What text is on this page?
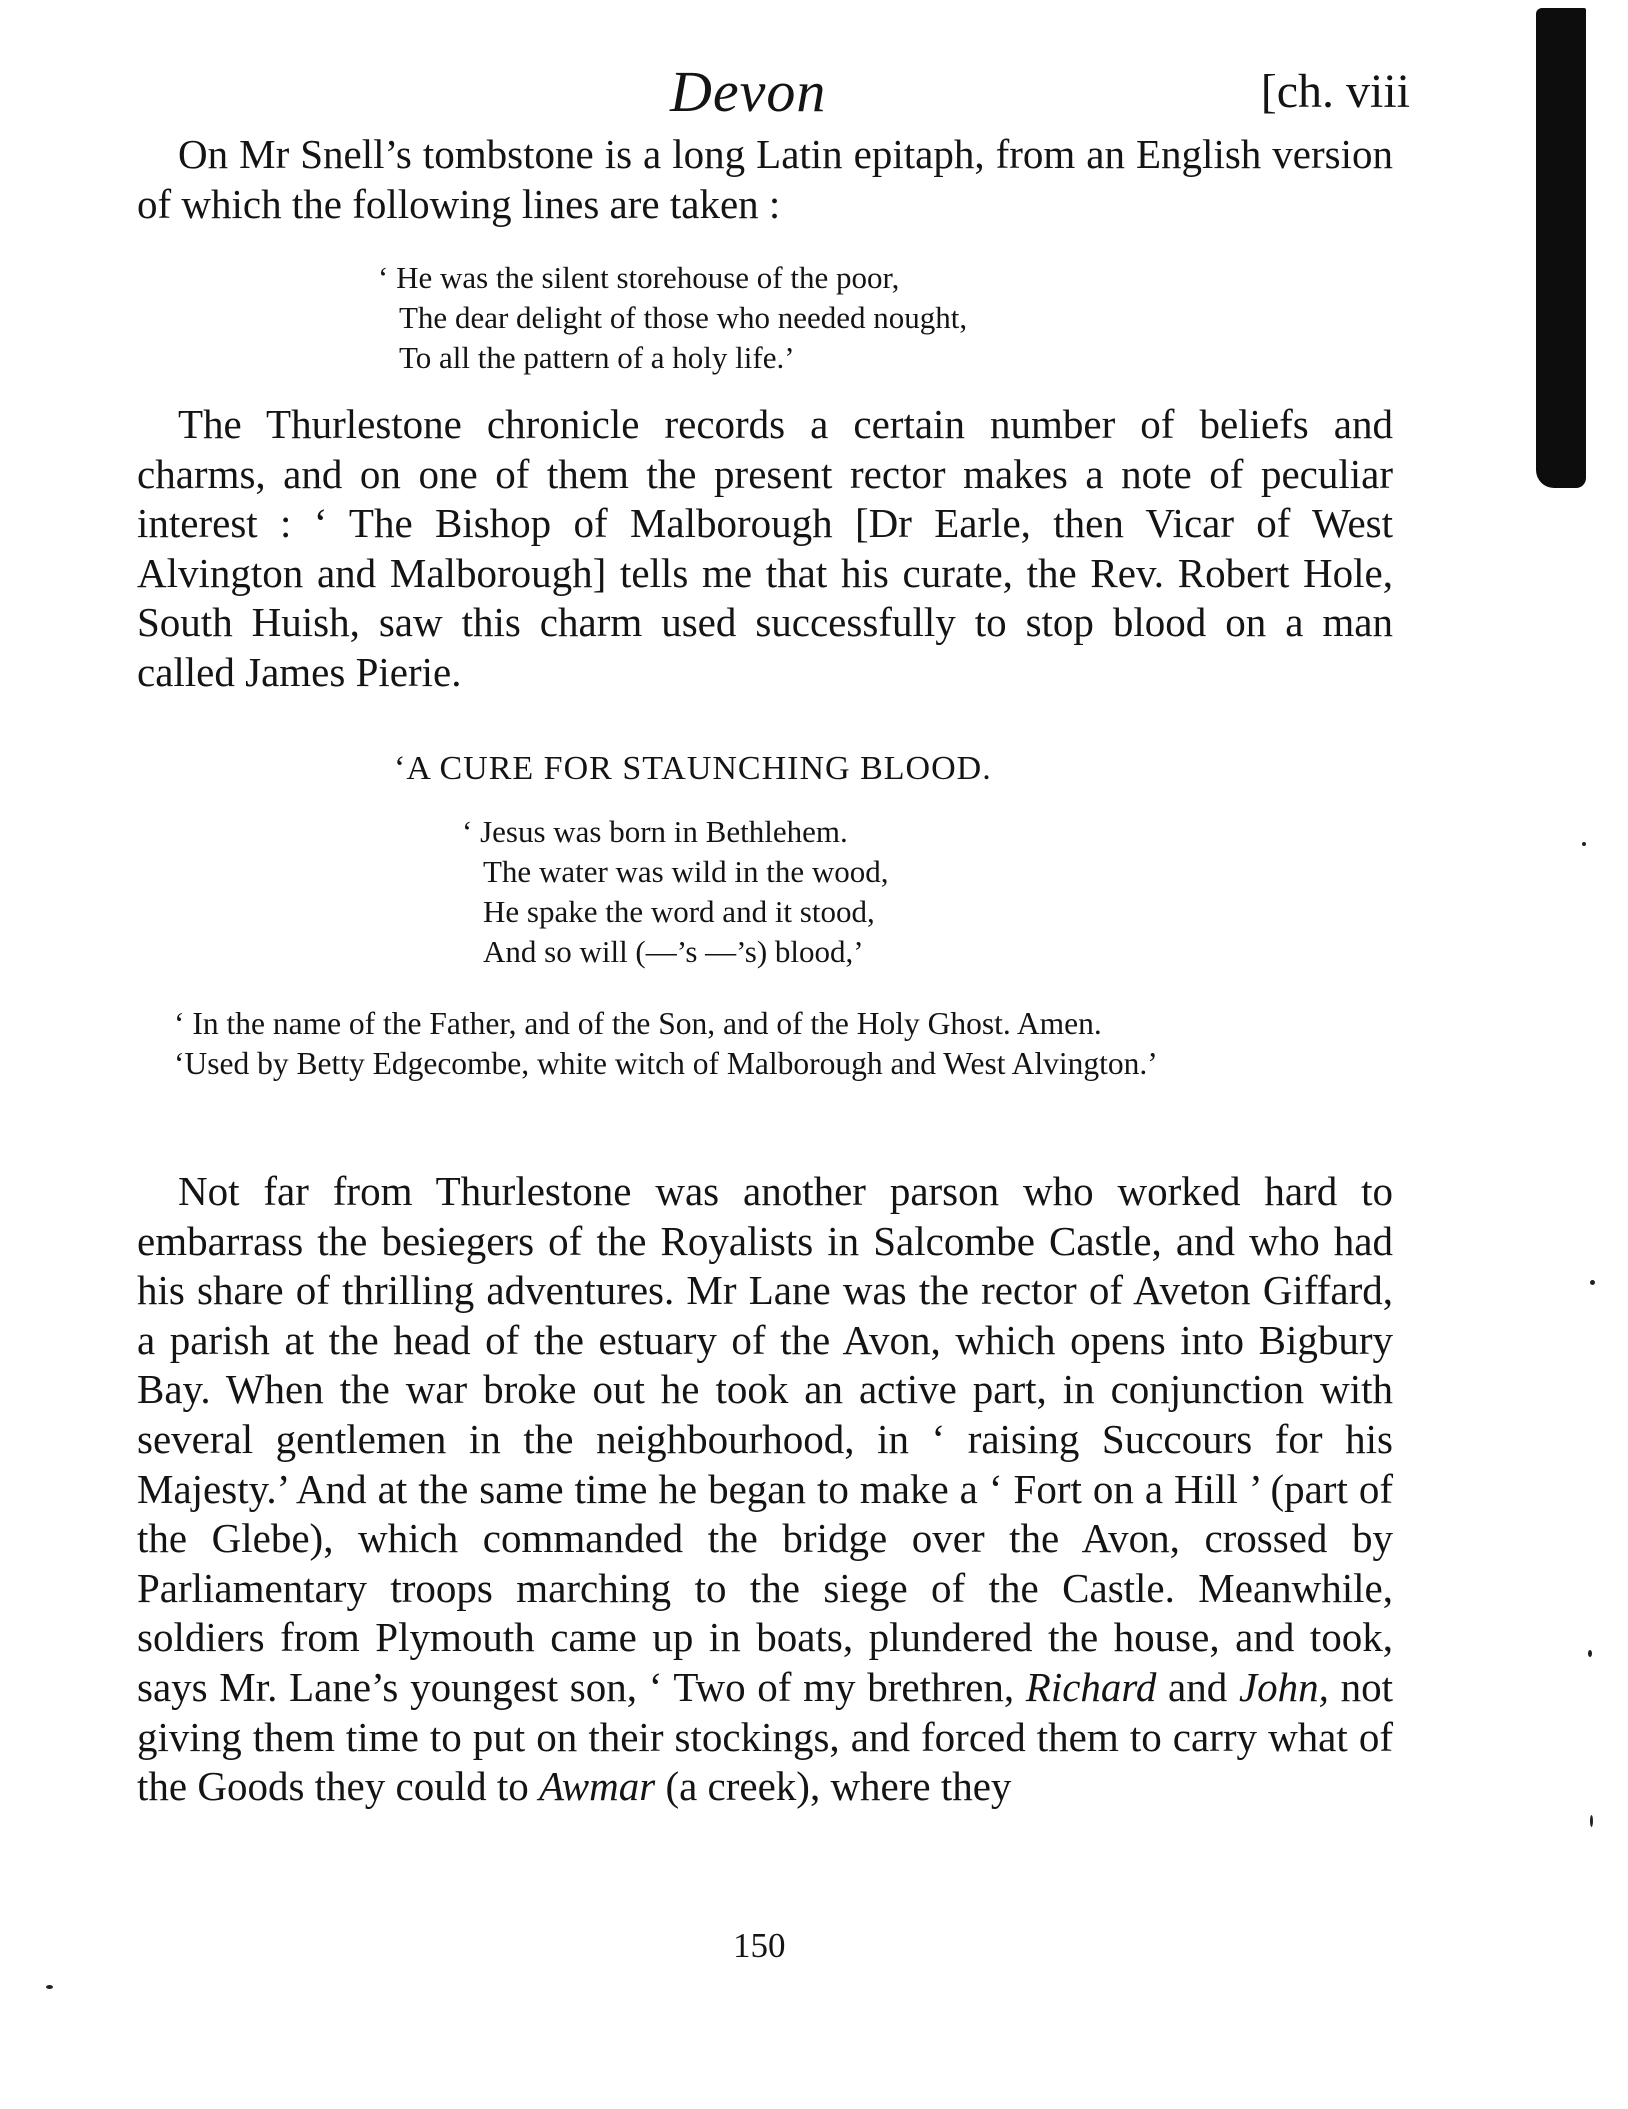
Devon	[ch. viii

On Mr Snell’s tombstone is a long Latin epitaph, from an English version of which the following lines are taken :

‘ He was the silent storehouse of the poor,
The dear delight of those who needed nought,
To all the pattern of a holy life.’

The Thurlestone chronicle records a certain number of beliefs and charms, and on one of them the present rector makes a note of peculiar interest : ‘ The Bishop of Malborough [Dr Earle, then Vicar of West Alvington and Malborough] tells me that his curate, the Rev. Robert Hole, South Huish, saw this charm used successfully to stop blood on a man called James Pierie.

‘A CURE FOR STAUNCHING BLOOD.
‘ Jesus was born in Bethlehem.
The water was wild in the wood,
He spake the word and it stood,
And so will (—’s —’s) blood,’

‘ In the name of the Father, and of the Son, and of the Holy Ghost. Amen.

‘Used by Betty Edgecombe, white witch of Malborough and West Alvington.’

Not far from Thurlestone was another parson who worked hard to embarrass the besiegers of the Royalists in Salcombe Castle, and who had his share of thrilling adventures. Mr Lane was the rector of Aveton Giffard, a parish at the head of the estuary of the Avon, which opens into Bigbury Bay. When the war broke out he took an active part, in conjunction with several gentlemen in the neighbourhood, in ‘ raising Succours for his Majesty.’ And at the same time he began to make a ‘ Fort on a Hill ’ (part of the Glebe), which commanded the bridge over the Avon, crossed by Parliamentary troops marching to the siege of the Castle. Meanwhile, soldiers from Plymouth came up in boats, plundered the house, and took, says Mr. Lane’s youngest son, ‘ Two of my brethren, Richard and John, not giving them time to put on their stockings, and forced them to carry what of the Goods they could to Awmar (a creek), where they

150
